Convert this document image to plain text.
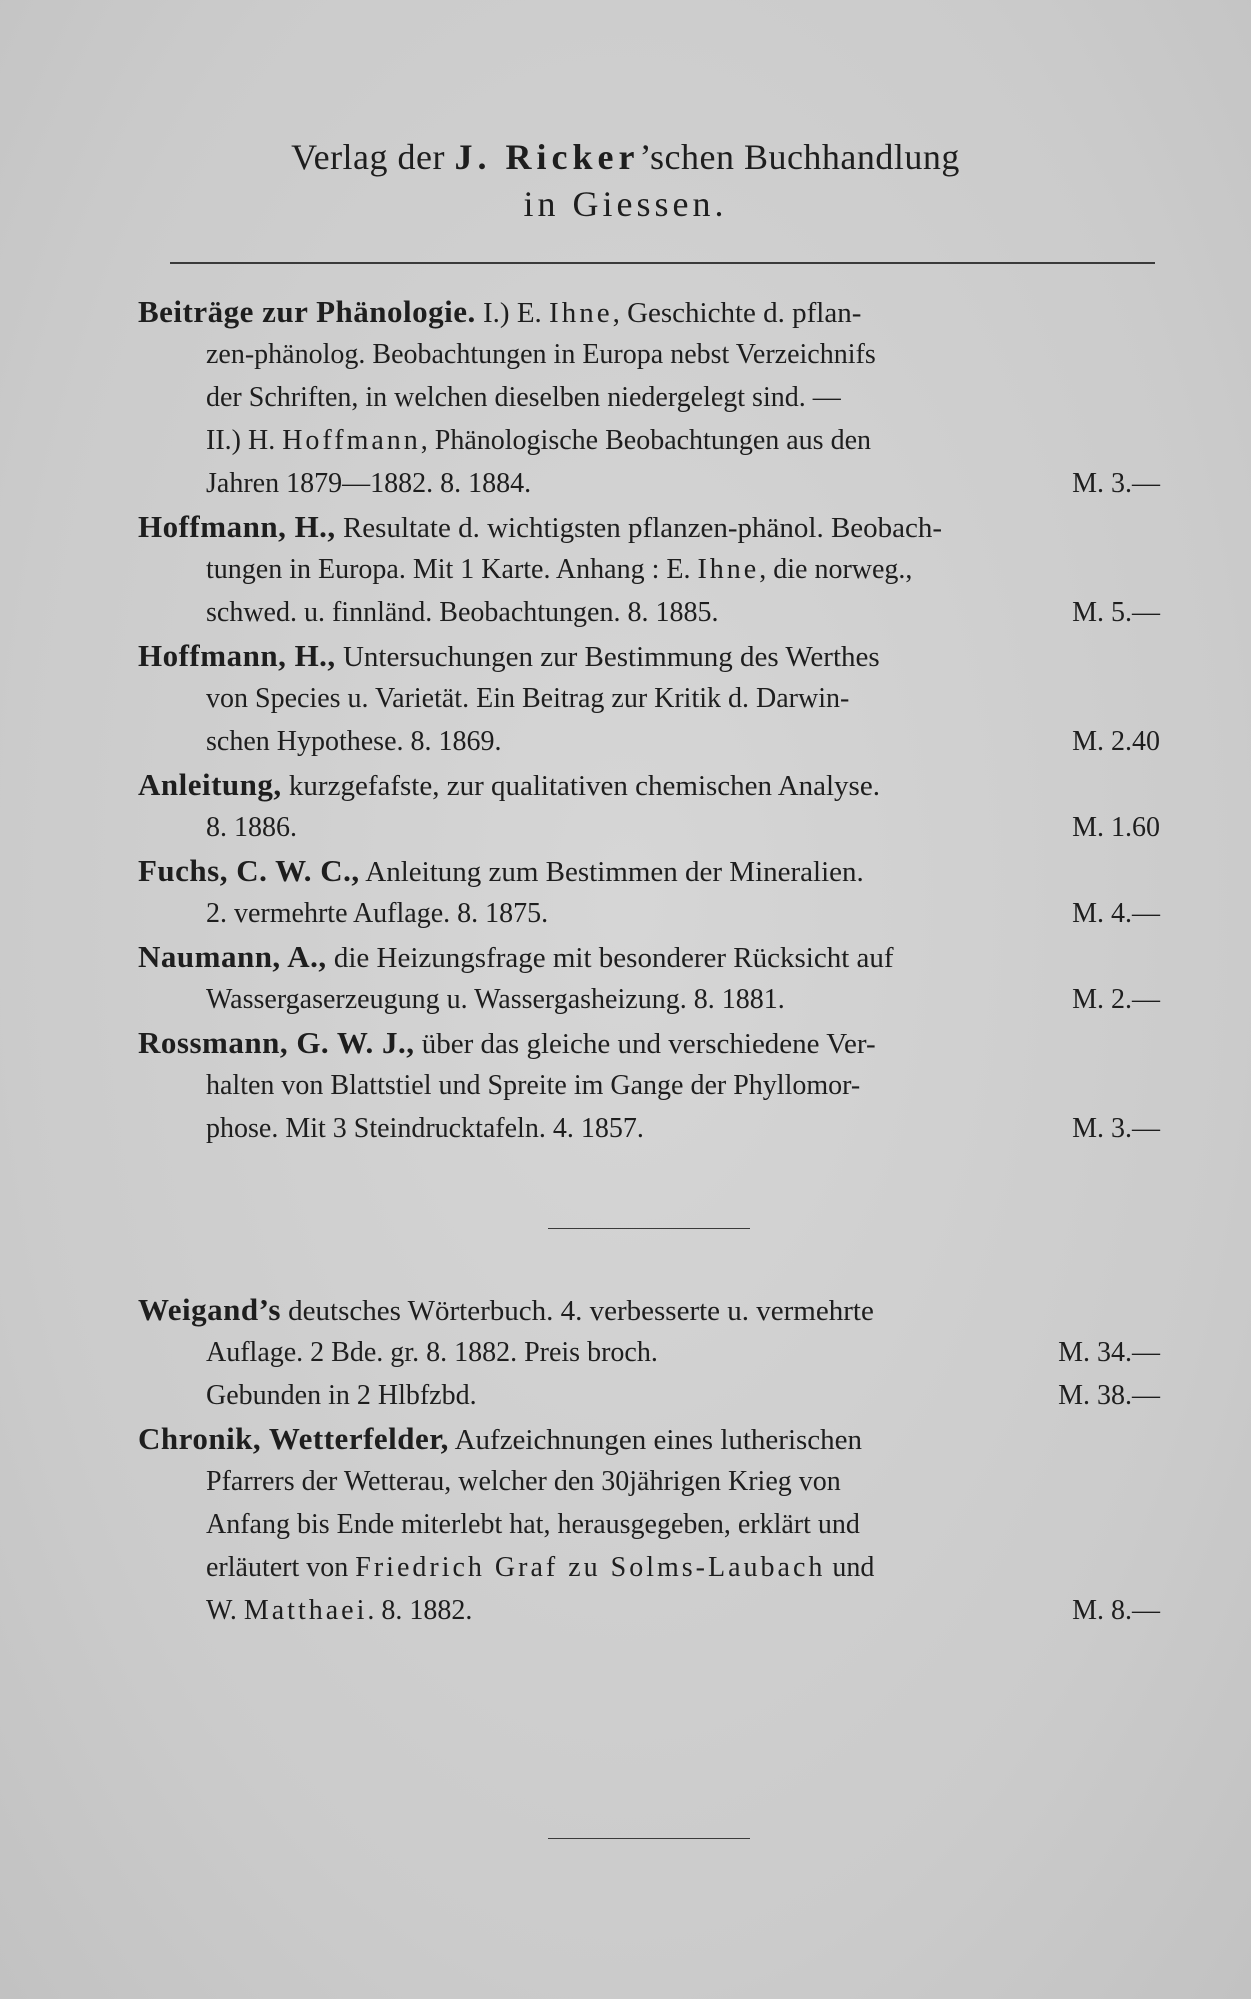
Verlag der J. Ricker’schen Buchhandlung
in Giessen.
Beiträge zur Phänologie. I.) E. Ihne, Geschichte d. pflan-
zen-phänolog. Beobachtungen in Europa nebst Verzeichnifs
der Schriften, in welchen dieselben niedergelegt sind. —
II.) H. Hoffmann, Phänologische Beobachtungen aus den
Jahren 1879—1882. 8. 1884.	M. 3.—
Hoffmann, H., Resultate d. wichtigsten pflanzen-phänol. Beobach-
tungen in Europa. Mit 1 Karte. Anhang : E. Ihne, die norweg.,
schwed. u. finnländ. Beobachtungen. 8. 1885.	M. 5.—
Hoffmann, H., Untersuchungen zur Bestimmung des Werthes
von Species u. Varietät. Ein Beitrag zur Kritik d. Darwin-
schen Hypothese. 8. 1869.	M. 2.40
Anleitung, kurzgefafste, zur qualitativen chemischen Analyse.
8. 1886.	M. 1.60
Fuchs, C. W. C., Anleitung zum Bestimmen der Mineralien.
2. vermehrte Auflage. 8. 1875.	M. 4.—
Naumann, A., die Heizungsfrage mit besonderer Rücksicht auf
Wassergaserzeugung u. Wassergasheizung. 8. 1881.	M. 2.—
Rossmann, G. W. J., über das gleiche und verschiedene Ver-
halten von Blattstiel und Spreite im Gange der Phyllomor-
phose. Mit 3 Steindrucktafeln. 4. 1857.	M. 3.—
Weigand’s deutsches Wörterbuch. 4. verbesserte u. vermehrte
Auflage. 2 Bde. gr. 8. 1882. Preis broch.	M. 34.—
Gebunden in 2 Hlbfzbd.	M. 38.—
Chronik, Wetterfelder, Aufzeichnungen eines lutherischen
Pfarrers der Wetterau, welcher den 30jährigen Krieg von
Anfang bis Ende miterlebt hat, herausgegeben, erklärt und
erläutert von Friedrich Graf zu Solms-Laubach und
W. Matthaei. 8. 1882.	M. 8.—
